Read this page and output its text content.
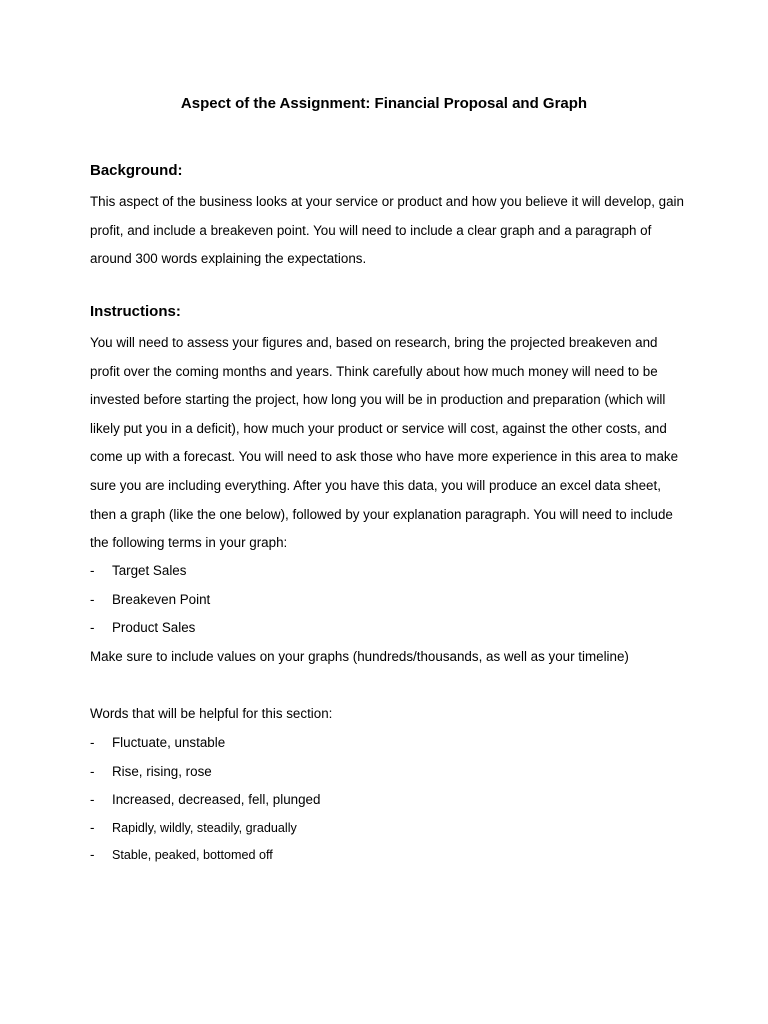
Aspect of the Assignment: Financial Proposal and Graph
Background:

This aspect of the business looks at your service or product and how you believe it will develop, gain profit, and include a breakeven point. You will need to include a clear graph and a paragraph of around 300 words explaining the expectations.

Instructions:

You will need to assess your figures and, based on research, bring the projected breakeven and profit over the coming months and years. Think carefully about how much money will need to be invested before starting the project, how long you will be in production and preparation (which will likely put you in a deficit), how much your product or service will cost, against the other costs, and come up with a forecast. You will need to ask those who have more experience in this area to make sure you are including everything. After you have this data, you will produce an excel data sheet, then a graph (like the one below), followed by your explanation paragraph. You will need to include the following terms in your graph:

- Target Sales
- Breakeven Point
- Product Sales
Make sure to include values on your graphs (hundreds/thousands, as well as your timeline)
Words that will be helpful for this section:
- Fluctuate, unstable
- Rise, rising, rose
- Increased, decreased, fell, plunged
- Rapidly, wildly, steadily, gradually
- Stable, peaked, bottomed off
